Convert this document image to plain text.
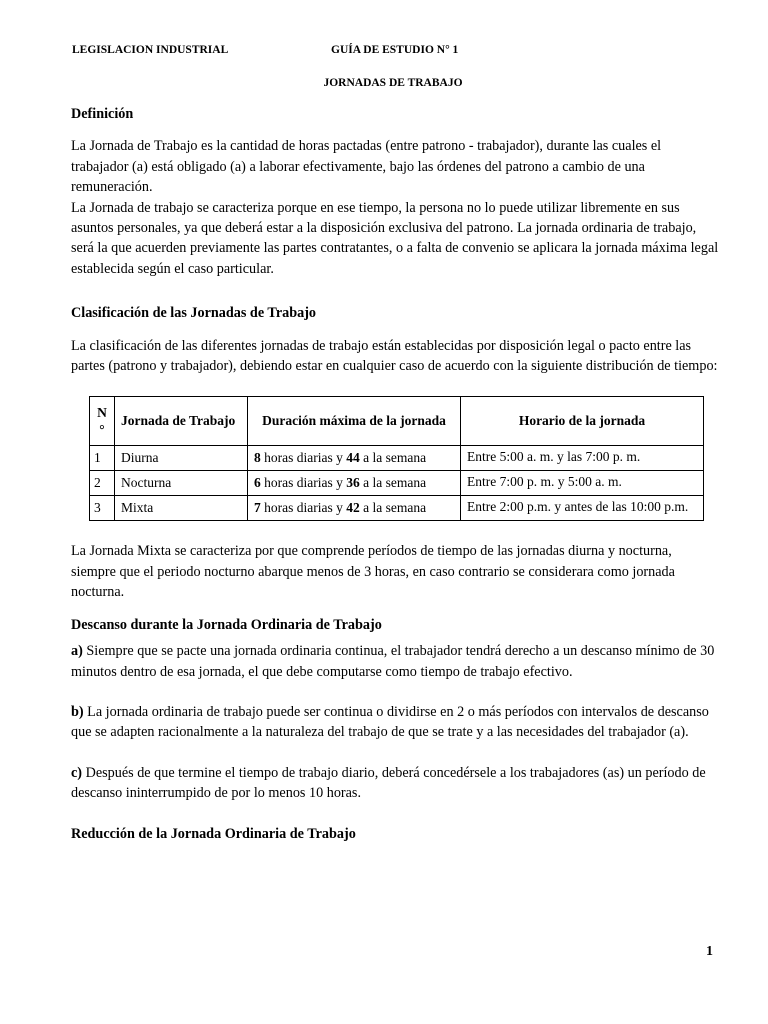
LEGISLACION INDUSTRIAL	GUÍA DE ESTUDIO N° 1
JORNADAS DE TRABAJO

Definición

La Jornada de Trabajo es la cantidad de horas pactadas (entre patrono - trabajador), durante las cuales el trabajador (a) está obligado (a) a laborar efectivamente, bajo las órdenes del patrono a cambio de una remuneración.

La Jornada de trabajo se caracteriza porque en ese tiempo, la persona no lo puede utilizar libremente en sus asuntos personales, ya que deberá estar a la disposición exclusiva del patrono. La jornada ordinaria de trabajo, será la que acuerden previamente las partes contratantes, o a falta de convenio se aplicara la jornada máxima legal establecida según el caso particular.

Clasificación de las Jornadas de Trabajo

La clasificación de las diferentes jornadas de trabajo están establecidas por disposición legal o pacto entre las partes (patrono y trabajador), debiendo estar en cualquier caso de acuerdo con la siguiente distribución de tiempo:

N
°	Jornada de Trabajo	Duración máxima de la jornada	Horario de la jornada
1	Diurna	8 horas diarias y 44 a la semana	Entre 5:00 a. m. y las 7:00 p. m.
2	Nocturna	6 horas diarias y 36 a la semana	Entre 7:00 p. m. y 5:00 a. m.
3	Mixta	7 horas diarias y 42 a la semana	Entre 2:00 p.m. y antes de las 10:00 p.m.

La Jornada Mixta se caracteriza por que comprende períodos de tiempo de las jornadas diurna y nocturna, siempre que el periodo nocturno abarque menos de 3 horas, en caso contrario se considerara como jornada nocturna.

Descanso durante la Jornada Ordinaria de Trabajo

a) Siempre que se pacte una jornada ordinaria continua, el trabajador tendrá derecho a un descanso mínimo de 30 minutos dentro de esa jornada, el que debe computarse como tiempo de trabajo efectivo.

b) La jornada ordinaria de trabajo puede ser continua o dividirse en 2 o más períodos con intervalos de descanso que se adapten racionalmente a la naturaleza del trabajo de que se trate y a las necesidades del trabajador (a).

c) Después de que termine el tiempo de trabajo diario, deberá concedérsele a los trabajadores (as) un período de descanso ininterrumpido de por lo menos 10 horas.

Reducción de la Jornada Ordinaria de Trabajo

1
